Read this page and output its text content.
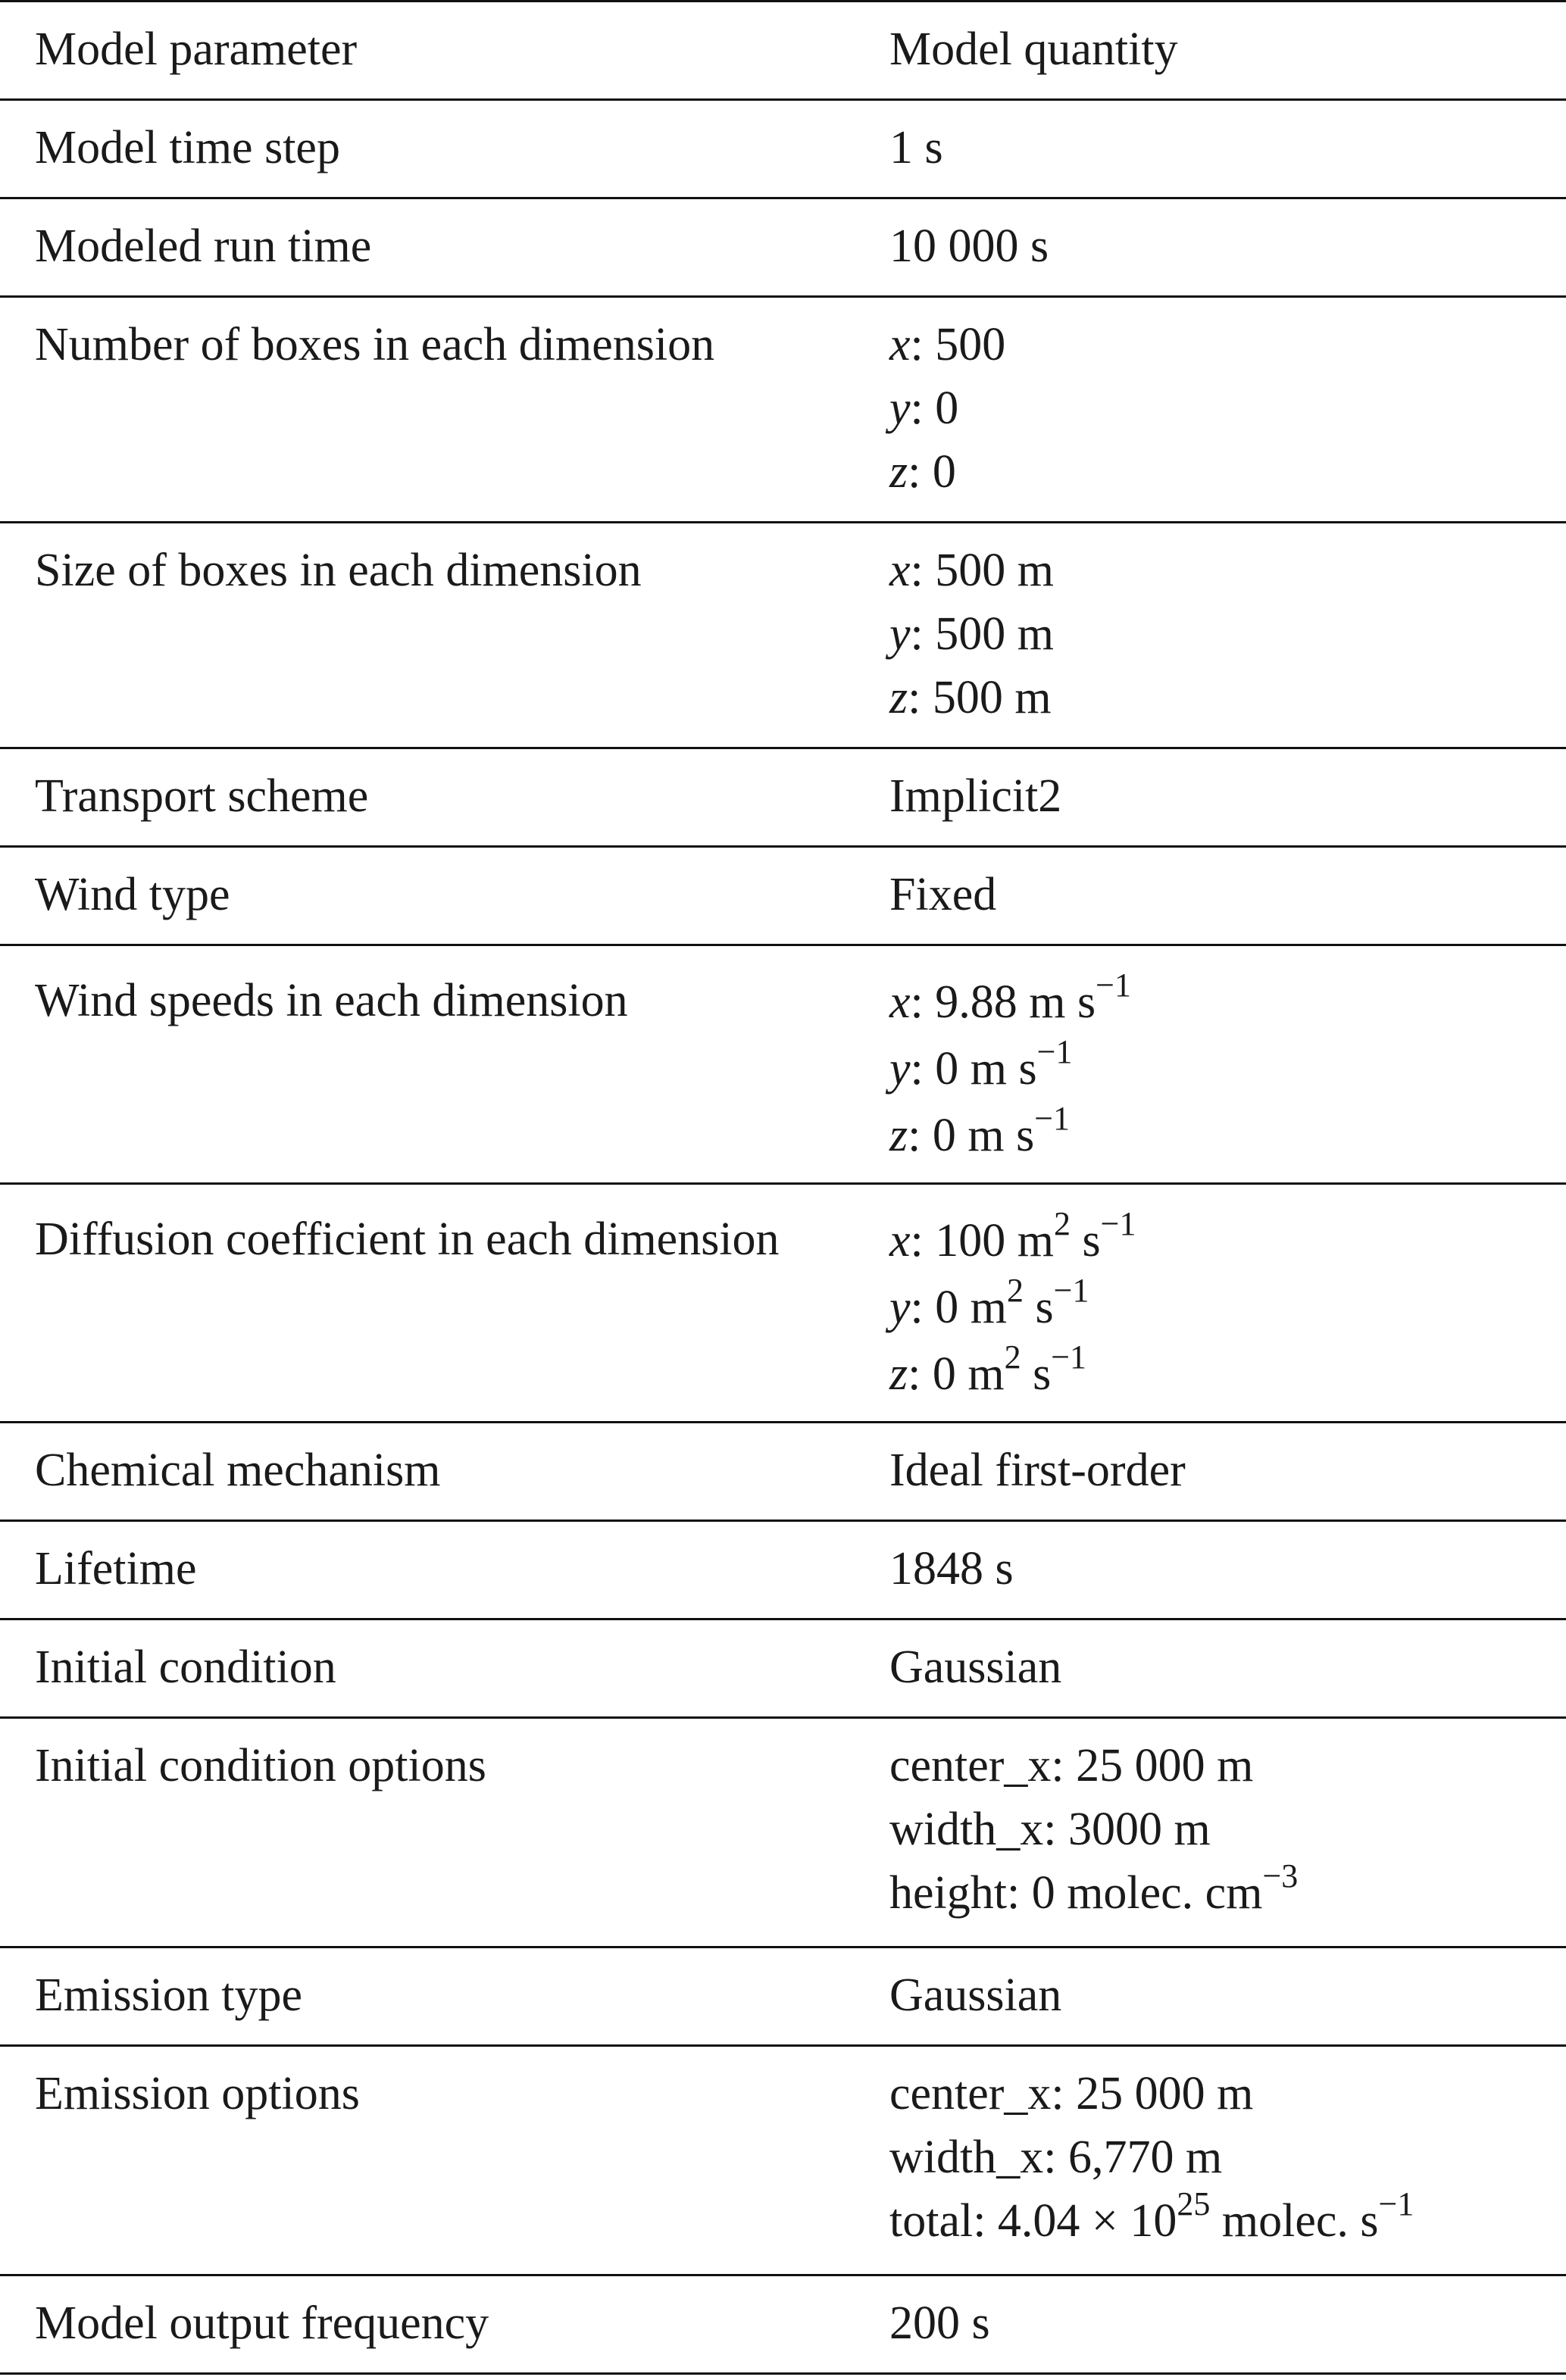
Model parameter	Model quantity
Model time step	1 s
Modeled run time	10 000 s
Number of boxes in each dimension	x: 500
y: 0
z: 0
Size of boxes in each dimension	x: 500 m
y: 500 m
z: 500 m
Transport scheme	Implicit2
Wind type	Fixed
Wind speeds in each dimension	x: 9.88 m $s^{-1}$
y: 0 m $s^{-1}$
z: 0 m $s^{-1}$
Diffusion coefficient in each dimension	x: 100 $m^2$ $s^{-1}$
y: 0 $m^2$ $s^{-1}$
z: 0 $m^2$ $s^{-1}$
Chemical mechanism	Ideal first-order
Lifetime	1848 s
Initial condition	Gaussian
Initial condition options	center_x: 25 000 m
width_x: 3000 m
height: 0 molec. $cm^{-3}$
Emission type	Gaussian
Emission options	center_x: 25 000 m
width_x: 6,770 m
total: $4.04 \times 10^{25}$ molec. $s^{-1}$
Model output frequency	200 s
